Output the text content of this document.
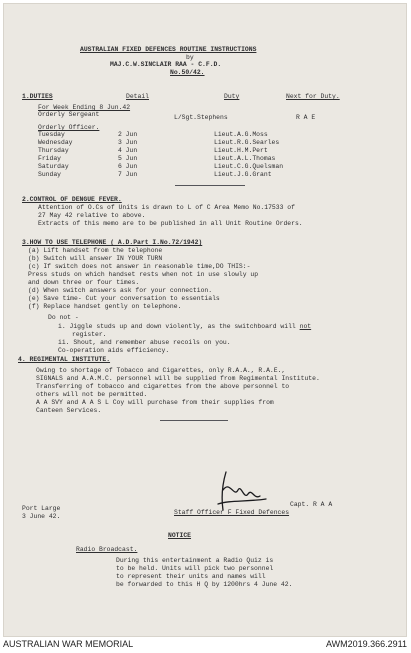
AUSTRALIAN FIXED DEFENCES ROUTINE INSTRUCTIONS
by
MAJ.C.W.SINCLAIR RAA - C.F.D.
No.50/42.
1.DUTIES	Detail	Duty	Next for Duty.
For Week Ending 8 Jun.42
Orderly Sergeant	L/Sgt.Stephens	R A E
Orderly Officer.
Tuesday	2 Jun	Lieut.A.G.Moss
Wednesday	3 Jun	Lieut.R.G.Searles
Thursday	4 Jun	Lieut.H.M.Pert
Friday	5 Jun	Lieut.A.L.Thomas
Saturday	6 Jun	Lieut.C.G.Quelsman
Sunday	7 Jun	Lieut.J.G.Grant
2.CONTROL OF DENGUE FEVER.
Attention of O.Cs of Units is drawn to L of C Area Memo No.17533 of
27 May 42 relative to above.
Extracts of this memo are to be published in all Unit Routine Orders.
3.HOW TO USE TELEPHONE ( A.D.Part I.No.72/1942)
(a) Lift handset from the telephone
(b) Switch will answer IN YOUR TURN
(c) If switch does not answer in reasonable time,DO THIS:-
Press studs on which handset rests when not in use slowly up
and down three or four times.
(d) When switch answers ask for your connection.
(e) Save time- Cut your conversation to essentials
(f) Replace handset gently on telephone.
Do not -
i. Jiggle studs up and down violently, as the switchboard will not
register.
ii. Shout, and remember abuse recoils on you.
Co-operation aids efficiency.
4. REGIMENTAL INSTITUTE.
Owing to shortage of Tobacco and Cigarettes, only R.A.A., R.A.E.,
SIGNALS and A.A.M.C. personnel will be supplied from Regimental Institute.
Transferring of tobacco and cigarettes from the above personnel to
others will not be permitted.
A A SVY and A A S L Coy will purchase from their supplies from
Canteen Services.
Port Large
3 June 42.
Capt. R A A
Staff Officer F Fixed Defences
NOTICE
Radio Broadcast.
During this entertainment a Radio Quiz is
to be held. Units will pick two personnel
to represent their units and names will
be forwarded to this H Q by 1200hrs 4 June 42.
AUSTRALIAN WAR MEMORIAL	AWM2019.366.2911
